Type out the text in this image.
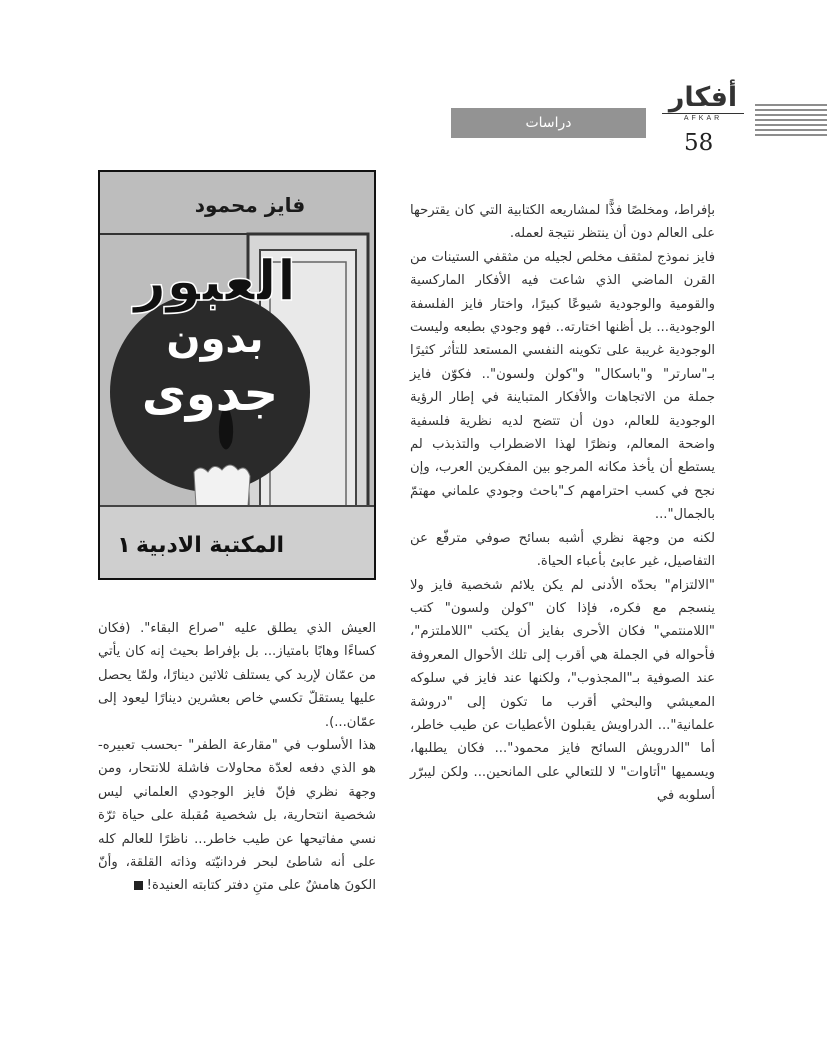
أفكار
AFKAR
دراسات
58
فايز محمود
العبور
بدون
جدوى
المكتبة الادبية
١

بإفراط، ومخلصًا فذًّا لمشاريعه الكتابية التي كان يقترحها على العالم دون أن ينتظر نتيجة لعمله.

فايز نموذج لمثقف مخلص لجيله من مثقفي الستينات من القرن الماضي الذي شاعت فيه الأفكار الماركسية والقومية والوجودية شيوعًا كبيرًا، واختار فايز الفلسفة الوجودية... بل أظنها اختارته.. فهو وجودي بطبعه وليست الوجودية غريبة على تكوينه النفسي المستعد للتأثر كثيرًا بـ"سارتر" و"باسكال" و"كولن ولسون".. فكوّن فايز جملة من الاتجاهات والأفكار المتباينة في إطار الرؤية الوجودية للعالم، دون أن تتضح لديه نظرية فلسفية واضحة المعالم، ونظرًا لهذا الاضطراب والتذبذب لم يستطع أن يأخذ مكانه المرجو بين المفكرين العرب، وإن نجح في كسب احترامهم كـ"باحث وجودي علماني مهتمّ بالجمال"...

لكنه من وجهة نظري أشبه بسائح صوفي مترفّع عن التفاصيل، غير عابئ بأعباء الحياة.

"الالتزام" بحدّه الأدنى لم يكن يلائم شخصية فايز ولا ينسجم مع فكره، فإذا كان "كولن ولسون" كتب "اللامنتمي" فكان الأحرى بفايز أن يكتب "اللاملتزم"، فأحواله في الجملة هي أقرب إلى تلك الأحوال المعروفة عند الصوفية بـ"المجذوب"، ولكنها عند فايز في سلوكه المعيشي والبحثي أقرب ما تكون إلى "دروشة علمانية"... الدراويش يقبلون الأعطيات عن طيب خاطر، أما "الدرويش السائح فايز محمود"... فكان يطلبها، ويسميها "أتاوات" لا للتعالي على المانحين... ولكن ليبرّر أسلوبه في

العيش الذي يطلق عليه "صراع البقاء". (فكان كساءًا وهابًا بامتياز... بل بإفراط بحيث إنه كان يأتي من عمّان لإربد كي يستلف ثلاثين دينارًا، ولمّا يحصل عليها يستقلّ تكسي خاص بعشرين دينارًا ليعود إلى عمّان...).

هذا الأسلوب في "مقارعة الطفر" -بحسب تعبيره- هو الذي دفعه لعدّة محاولات فاشلة للانتحار، ومن وجهة نظري فإنّ فايز الوجودي العلماني ليس شخصية انتحارية، بل شخصية مُقبلة على حياة ثرّة نسي مفاتيحها عن طيب خاطر... ناظرًا للعالم كله على أنه شاطئ لبحر فردانيّته وذاته القلقة، وأنّ الكونَ هامشٌ على متنِ دفتر كتابته العنيدة!
